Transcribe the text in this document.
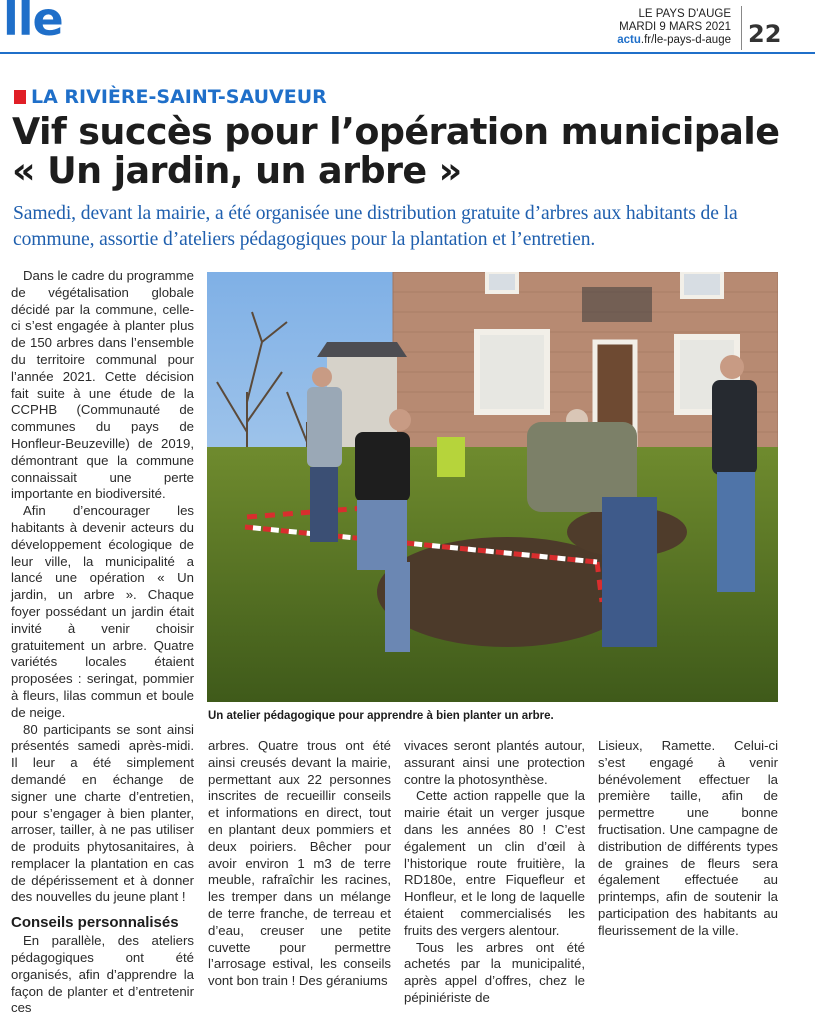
lle	LE PAYS D'AUGE
MARDI 9 MARS 2021
actu.fr/le-pays-d-auge 22
LA RIVIÈRE-SAINT-SAUVEUR
Vif succès pour l’opération municipale
« Un jardin, un arbre »
Samedi, devant la mairie, a été organisée une distribution gratuite d’arbres aux habitants de la commune, assortie d’ateliers pédagogiques pour la plantation et l’entretien.

Dans le cadre du programme de végétalisation globale décidé par la commune, celle-ci s’est engagée à planter plus de 150 arbres dans l’ensemble du territoire communal pour l’année 2021. Cette décision fait suite à une étude de la CCPHB (Communauté de communes du pays de Honfleur-Beuzeville) de 2019, démontrant que la commune connaissait une perte importante en biodiversité.

Afin d’encourager les habitants à devenir acteurs du développement écologique de leur ville, la municipalité a lancé une opération « Un jardin, un arbre ». Chaque foyer possédant un jardin était invité à venir choisir gratuitement un arbre. Quatre variétés locales étaient proposées : seringat, pommier à fleurs, lilas commun et boule de neige.

80 participants se sont ainsi présentés samedi après-midi. Il leur a été simplement demandé en échange de signer une charte d’entretien, pour s’engager à bien planter, arroser, tailler, à ne pas utiliser de produits phytosanitaires, à remplacer la plantation en cas de dépérissement et à donner des nouvelles du jeune plant !

Conseils personnalisés

En parallèle, des ateliers pédagogiques ont été organisés, afin d’apprendre la façon de planter et d’entretenir ces

Un atelier pédagogique pour apprendre à bien planter un arbre.

arbres. Quatre trous ont été ainsi creusés devant la mairie, permettant aux 22 personnes inscrites de recueillir conseils et informations en direct, tout en plantant deux pommiers et deux poiriers. Bêcher pour avoir environ 1 m3 de terre meuble, rafraîchir les racines, les tremper dans un mélange de terre franche, de terreau et d’eau, creuser une petite cuvette pour permettre l’arrosage estival, les conseils vont bon train ! Des géraniums

vivaces seront plantés autour, assurant ainsi une protection contre la photosynthèse.

Cette action rappelle que la mairie était un verger jusque dans les années 80 ! C’est également un clin d’œil à l’historique route fruitière, la RD180e, entre Fiquefleur et Honfleur, et le long de laquelle étaient commercialisés les fruits des vergers alentour.

Tous les arbres ont été achetés par la municipalité, après appel d’offres, chez le pépiniériste de

Lisieux, Ramette. Celui-ci s’est engagé à venir bénévolement effectuer la première taille, afin de permettre une bonne fructisation. Une campagne de distribution de différents types de graines de fleurs sera également effectuée au printemps, afin de soutenir la participation des habitants au fleurissement de la ville.
